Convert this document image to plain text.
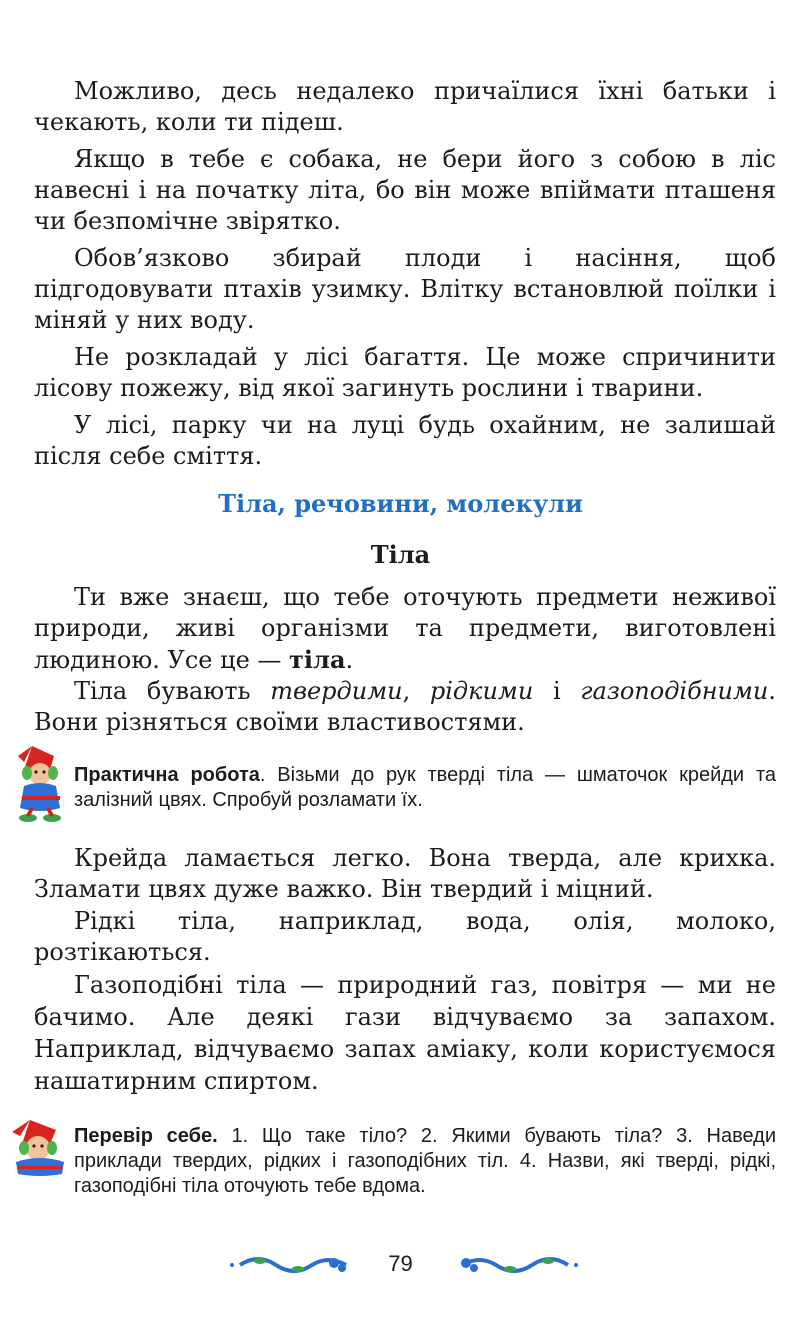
Можливо, десь недалеко причаїлися їхні батьки і чекають, коли ти підеш.

Якщо в тебе є собака, не бери його з собою в ліс навесні і на початку літа, бо він може впіймати пташеня чи безпомічне звірятко.

Обов’язково збирай плоди і насіння, щоб підгодовувати птахів узимку. Влітку встановлюй поїлки і міняй у них воду.

Не розкладай у лісі багаття. Це може спричинити лісову пожежу, від якої загинуть рослини і тварини.

У лісі, парку чи на луці будь охайним, не залишай після себе сміття.

Тіла, речовини, молекули
Тіла

Ти вже знаєш, що тебе оточують предмети неживої природи, живі організми та предмети, виготовлені людиною. Усе це — тіла.

Тіла бувають твердими, рідкими і газоподібними. Вони різняться своїми властивостями.

Практична робота. Візьми до рук тверді тіла — шматочок крейди та залізний цвях. Спробуй розламати їх.

Крейда ламається легко. Вона тверда, але крихка. Зламати цвях дуже важко. Він твердий і міцний.

Рідкі тіла, наприклад, вода, олія, молоко, розтікаються.

Газоподібні тіла — природний газ, повітря — ми не бачимо. Але деякі гази відчуваємо за запахом. Наприклад, відчуваємо запах аміаку, коли користуємося нашатирним спиртом.

Перевір себе. 1. Що таке тіло? 2. Якими бувають тіла? 3. Наведи приклади твердих, рідких і газоподібних тіл. 4. Назви, які тверді, рідкі, газоподібні тіла оточують тебе вдома.
79
